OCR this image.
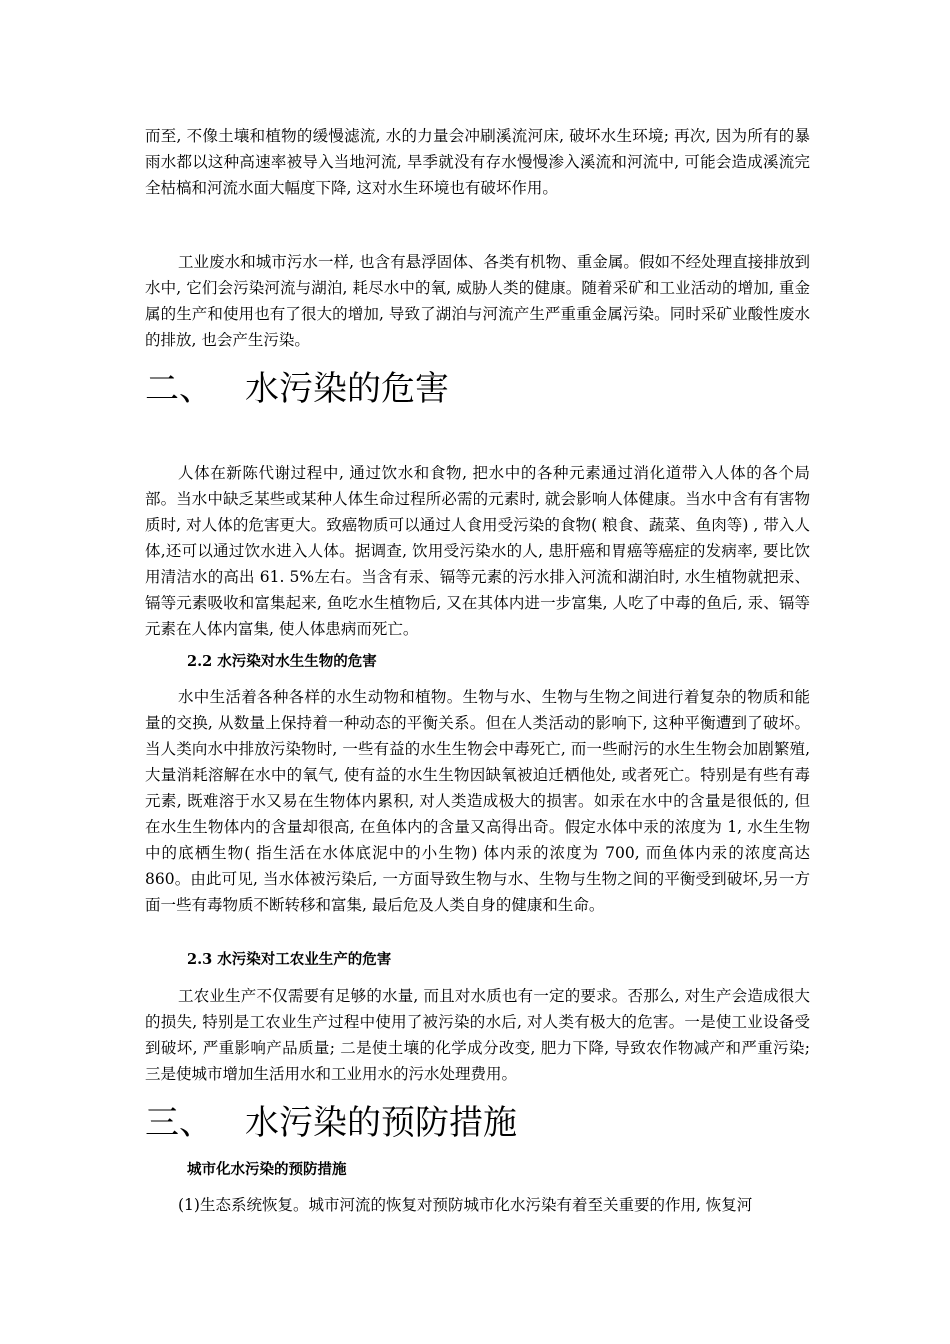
而至, 不像土壤和植物的缓慢滤流, 水的力量会冲刷溪流河床, 破坏水生环境; 再次, 因为所有的暴雨水都以这种高速率被导入当地河流, 旱季就没有存水慢慢渗入溪流和河流中, 可能会造成溪流完全枯槁和河流水面大幅度下降, 这对水生环境也有破坏作用。

工业废水和城市污水一样, 也含有悬浮固体、各类有机物、重金属。假如不经处理直接排放到水中, 它们会污染河流与湖泊, 耗尽水中的氧, 威胁人类的健康。随着采矿和工业活动的增加, 重金属的生产和使用也有了很大的增加, 导致了湖泊与河流产生严重重金属污染。同时采矿业酸性废水的排放, 也会产生污染。

二、 水污染的危害

人体在新陈代谢过程中, 通过饮水和食物, 把水中的各种元素通过消化道带入人体的各个局部。当水中缺乏某些或某种人体生命过程所必需的元素时, 就会影响人体健康。当水中含有有害物质时, 对人体的危害更大。致癌物质可以通过人食用受污染的食物( 粮食、蔬菜、鱼肉等) , 带入人体,还可以通过饮水进入人体。据调查, 饮用受污染水的人, 患肝癌和胃癌等癌症的发病率, 要比饮用清洁水的高出 61. 5%左右。当含有汞、镉等元素的污水排入河流和湖泊时, 水生植物就把汞、镉等元素吸收和富集起来, 鱼吃水生植物后, 又在其体内进一步富集, 人吃了中毒的鱼后, 汞、镉等元素在人体内富集, 使人体患病而死亡。

2.2 水污染对水生生物的危害

水中生活着各种各样的水生动物和植物。生物与水、生物与生物之间进行着复杂的物质和能量的交换, 从数量上保持着一种动态的平衡关系。但在人类活动的影响下, 这种平衡遭到了破坏。当人类向水中排放污染物时, 一些有益的水生生物会中毒死亡, 而一些耐污的水生生物会加剧繁殖, 大量消耗溶解在水中的氧气, 使有益的水生生物因缺氧被迫迁栖他处, 或者死亡。特别是有些有毒元素, 既难溶于水又易在生物体内累积, 对人类造成极大的损害。如汞在水中的含量是很低的, 但在水生生物体内的含量却很高, 在鱼体内的含量又高得出奇。假定水体中汞的浓度为 1, 水生生物中的底栖生物( 指生活在水体底泥中的小生物) 体内汞的浓度为 700, 而鱼体内汞的浓度高达 860。由此可见, 当水体被污染后, 一方面导致生物与水、生物与生物之间的平衡受到破坏,另一方面一些有毒物质不断转移和富集, 最后危及人类自身的健康和生命。

2.3 水污染对工农业生产的危害

工农业生产不仅需要有足够的水量, 而且对水质也有一定的要求。否那么, 对生产会造成很大的损失, 特别是工农业生产过程中使用了被污染的水后, 对人类有极大的危害。一是使工业设备受到破坏, 严重影响产品质量; 二是使土壤的化学成分改变, 肥力下降, 导致农作物减产和严重污染; 三是使城市增加生活用水和工业用水的污水处理费用。

三、 水污染的预防措施
城市化水污染的预防措施

(1)生态系统恢复。城市河流的恢复对预防城市化水污染有着至关重要的作用, 恢复河
